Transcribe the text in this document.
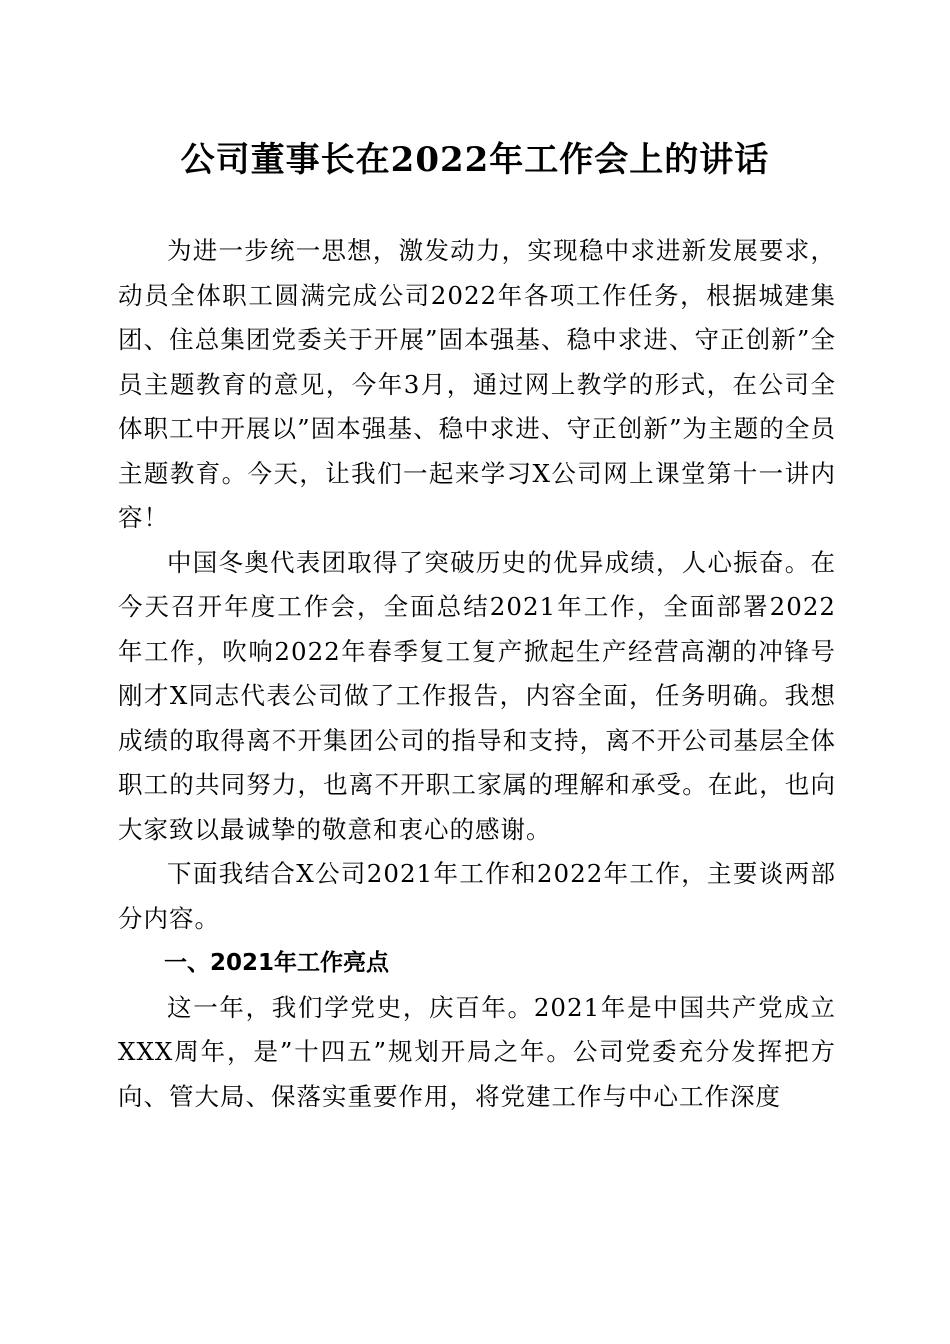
公司董事长在2022年工作会上的讲话

为进一步统一思想，激发动力，实现稳中求进新发展要求，动员全体职工圆满完成公司2022年各项工作任务，根据城建集团、住总集团党委关于开展”固本强基、稳中求进、守正创新”全员主题教育的意见，今年3月，通过网上教学的形式，在公司全体职工中开展以”固本强基、稳中求进、守正创新”为主题的全员主题教育。今天，让我们一起来学习X公司网上课堂第十一讲内容！

中国冬奥代表团取得了突破历史的优异成绩，人心振奋。在今天召开年度工作会，全面总结2021年工作，全面部署2022年工作，吹响2022年春季复工复产掀起生产经营高潮的冲锋号刚才X同志代表公司做了工作报告，内容全面，任务明确。我想成绩的取得离不开集团公司的指导和支持，离不开公司基层全体职工的共同努力，也离不开职工家属的理解和承受。在此，也向大家致以最诚挚的敬意和衷心的感谢。

下面我结合X公司2021年工作和2022年工作，主要谈两部分内容。

一、2021年工作亮点

这一年，我们学党史，庆百年。2021年是中国共产党成立XXX周年，是”十四五”规划开局之年。公司党委充分发挥把方向、管大局、保落实重要作用，将党建工作与中心工作深度
